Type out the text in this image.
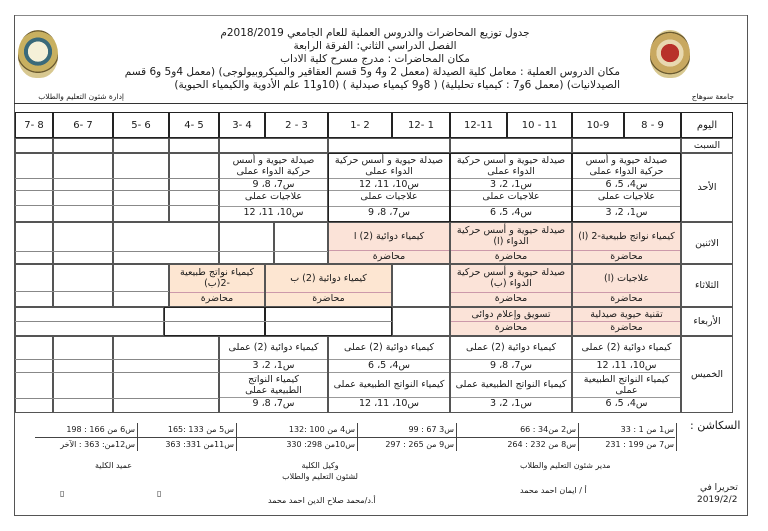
جدول توزيع المحاضرات والدروس العملية للعام الجامعي 2018/2019م
الفصل الدراسي الثاني: الفرقة الرابعة
مكان المحاضرات : مدرج مسرح كلية الاداب
مكان الدروس العملية : معامل كلية الصيدلة (معمل 2 و4 و5 قسم العقاقير والميكروبيولوجى) (معمل 4و5 و6 قسم
الصيدلانيات) (معمل 6و7 : كيمياء تحليلية) ( 8و9 كيمياء صيدلية ) (10و11 علم الأدوية والكيمياء الحيوية)
إدارة شئون التعليم والطلاب	جامعة سوهاج
اليوم
9 - 8
10-9
11 - 10
12-11
1 -12
2 -1
3 - 2
4 -3
5 -4
6 -5
7 -6
8 -7
السبت
الأحد
صيدلة حيوية و أسس حركية الدواء عملى
س4، 5، 6
علاجيات عملى
س1، 2، 3
صيدلة حيوية و أسس حركية الدواء عملى
س1، 2، 3
علاجيات عملى
س4، 5، 6
صيدلة حيوية و أسس حركية الدواء عملى
س10، 11، 12
علاجيات عملى
س7، 8، 9
صيدلة حيوية و أسس حركية الدواء عملى
س7، 8، 9
علاجيات عملى
س10، 11، 12
الاثنين
كيمياء نواتج طبيعية-2 (ا)
محاضرة
صيدلة حيوية و أسس حركية الدواء (ا)
محاضرة
كيمياء دوائية (2) ا
محاضرة
الثلاثاء
علاجيات (ا)
محاضرة
صيدلة حيوية و أسس حركية الدواء (ب)
محاضرة
كيمياء دوائية (2) ب
محاضرة
كيمياء نواتج طبيعية -2(ب)
محاضرة
الأربعاء
تقنية حيوية صيدلية
محاضرة
تسويق وإعلام دوائى
محاضرة
الخميس
كيمياء دوائية (2) عملى
س10، 11، 12
كيمياء النواتج الطبيعية عملى
س4، 5، 6
كيمياء دوائية (2) عملى
س7، 8، 9
كيمياء النواتج الطبيعية عملى
س1، 2، 3
كيمياء دوائية (2) عملى
س4، 5، 6
كيمياء النواتج الطبيعية عملى
س10، 11، 12
كيمياء دوائية (2) عملى
س1، 2، 3
كيمياء النواتج الطبيعية عملى
س7، 8، 9
السكاشن :
س1 من 1 : 33
س2 من34 : 66
س3 67 : 99
س4 من 100 :132
س5 من 133 :165
س6 من 166 : 198
س7 من 199 : 231
س8 من 232 : 264
س9 من 265 : 297
س10من 298: 330
س11من 331: 363
س12من: 363 : الآخر
مدير شئون التعليم والطلاب
وكيل الكلية
لشئون التعليم والطلاب
عميد الكلية
أ / ايمان احمد محمد
أ.د/محمد صلاح الدين احمد محمد
▯	▯
تحريرا في
2019/2/2
